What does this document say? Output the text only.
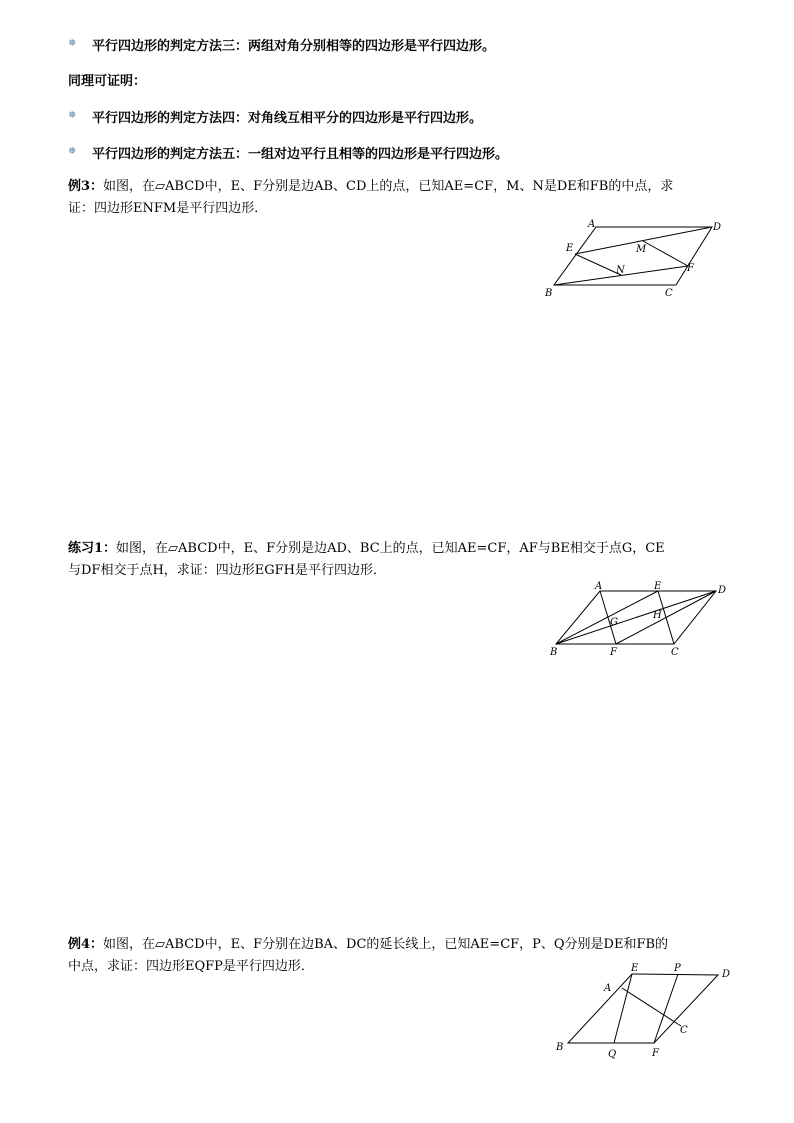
❅ 平行四边形的判定方法三：两组对角分别相等的四边形是平行四边形。
同理可证明：
❅ 平行四边形的判定方法四：对角线互相平分的四边形是平行四边形。
❅ 平行四边形的判定方法五：一组对边平行且相等的四边形是平行四边形。
例3：如图，在▱ABCD中，E、F分别是边AB、CD上的点，已知AE=CF，M、N是DE和FB的中点，求
证：四边形ENFM是平行四边形．
A	D
E	M
N	F
B	C
练习1：如图，在▱ABCD中，E、F分别是边AD、BC上的点，已知AE=CF，AF与BE相交于点G，CE
与DF相交于点H，求证：四边形EGFH是平行四边形．
A	E	D
H
G
B	F	C
例4：如图，在▱ABCD中，E、F分别在边BA、DC的延长线上，已知AE=CF，P、Q分别是DE和FB的
中点，求证：四边形EQFP是平行四边形．	E	P
D
A
C
B
Q	F
